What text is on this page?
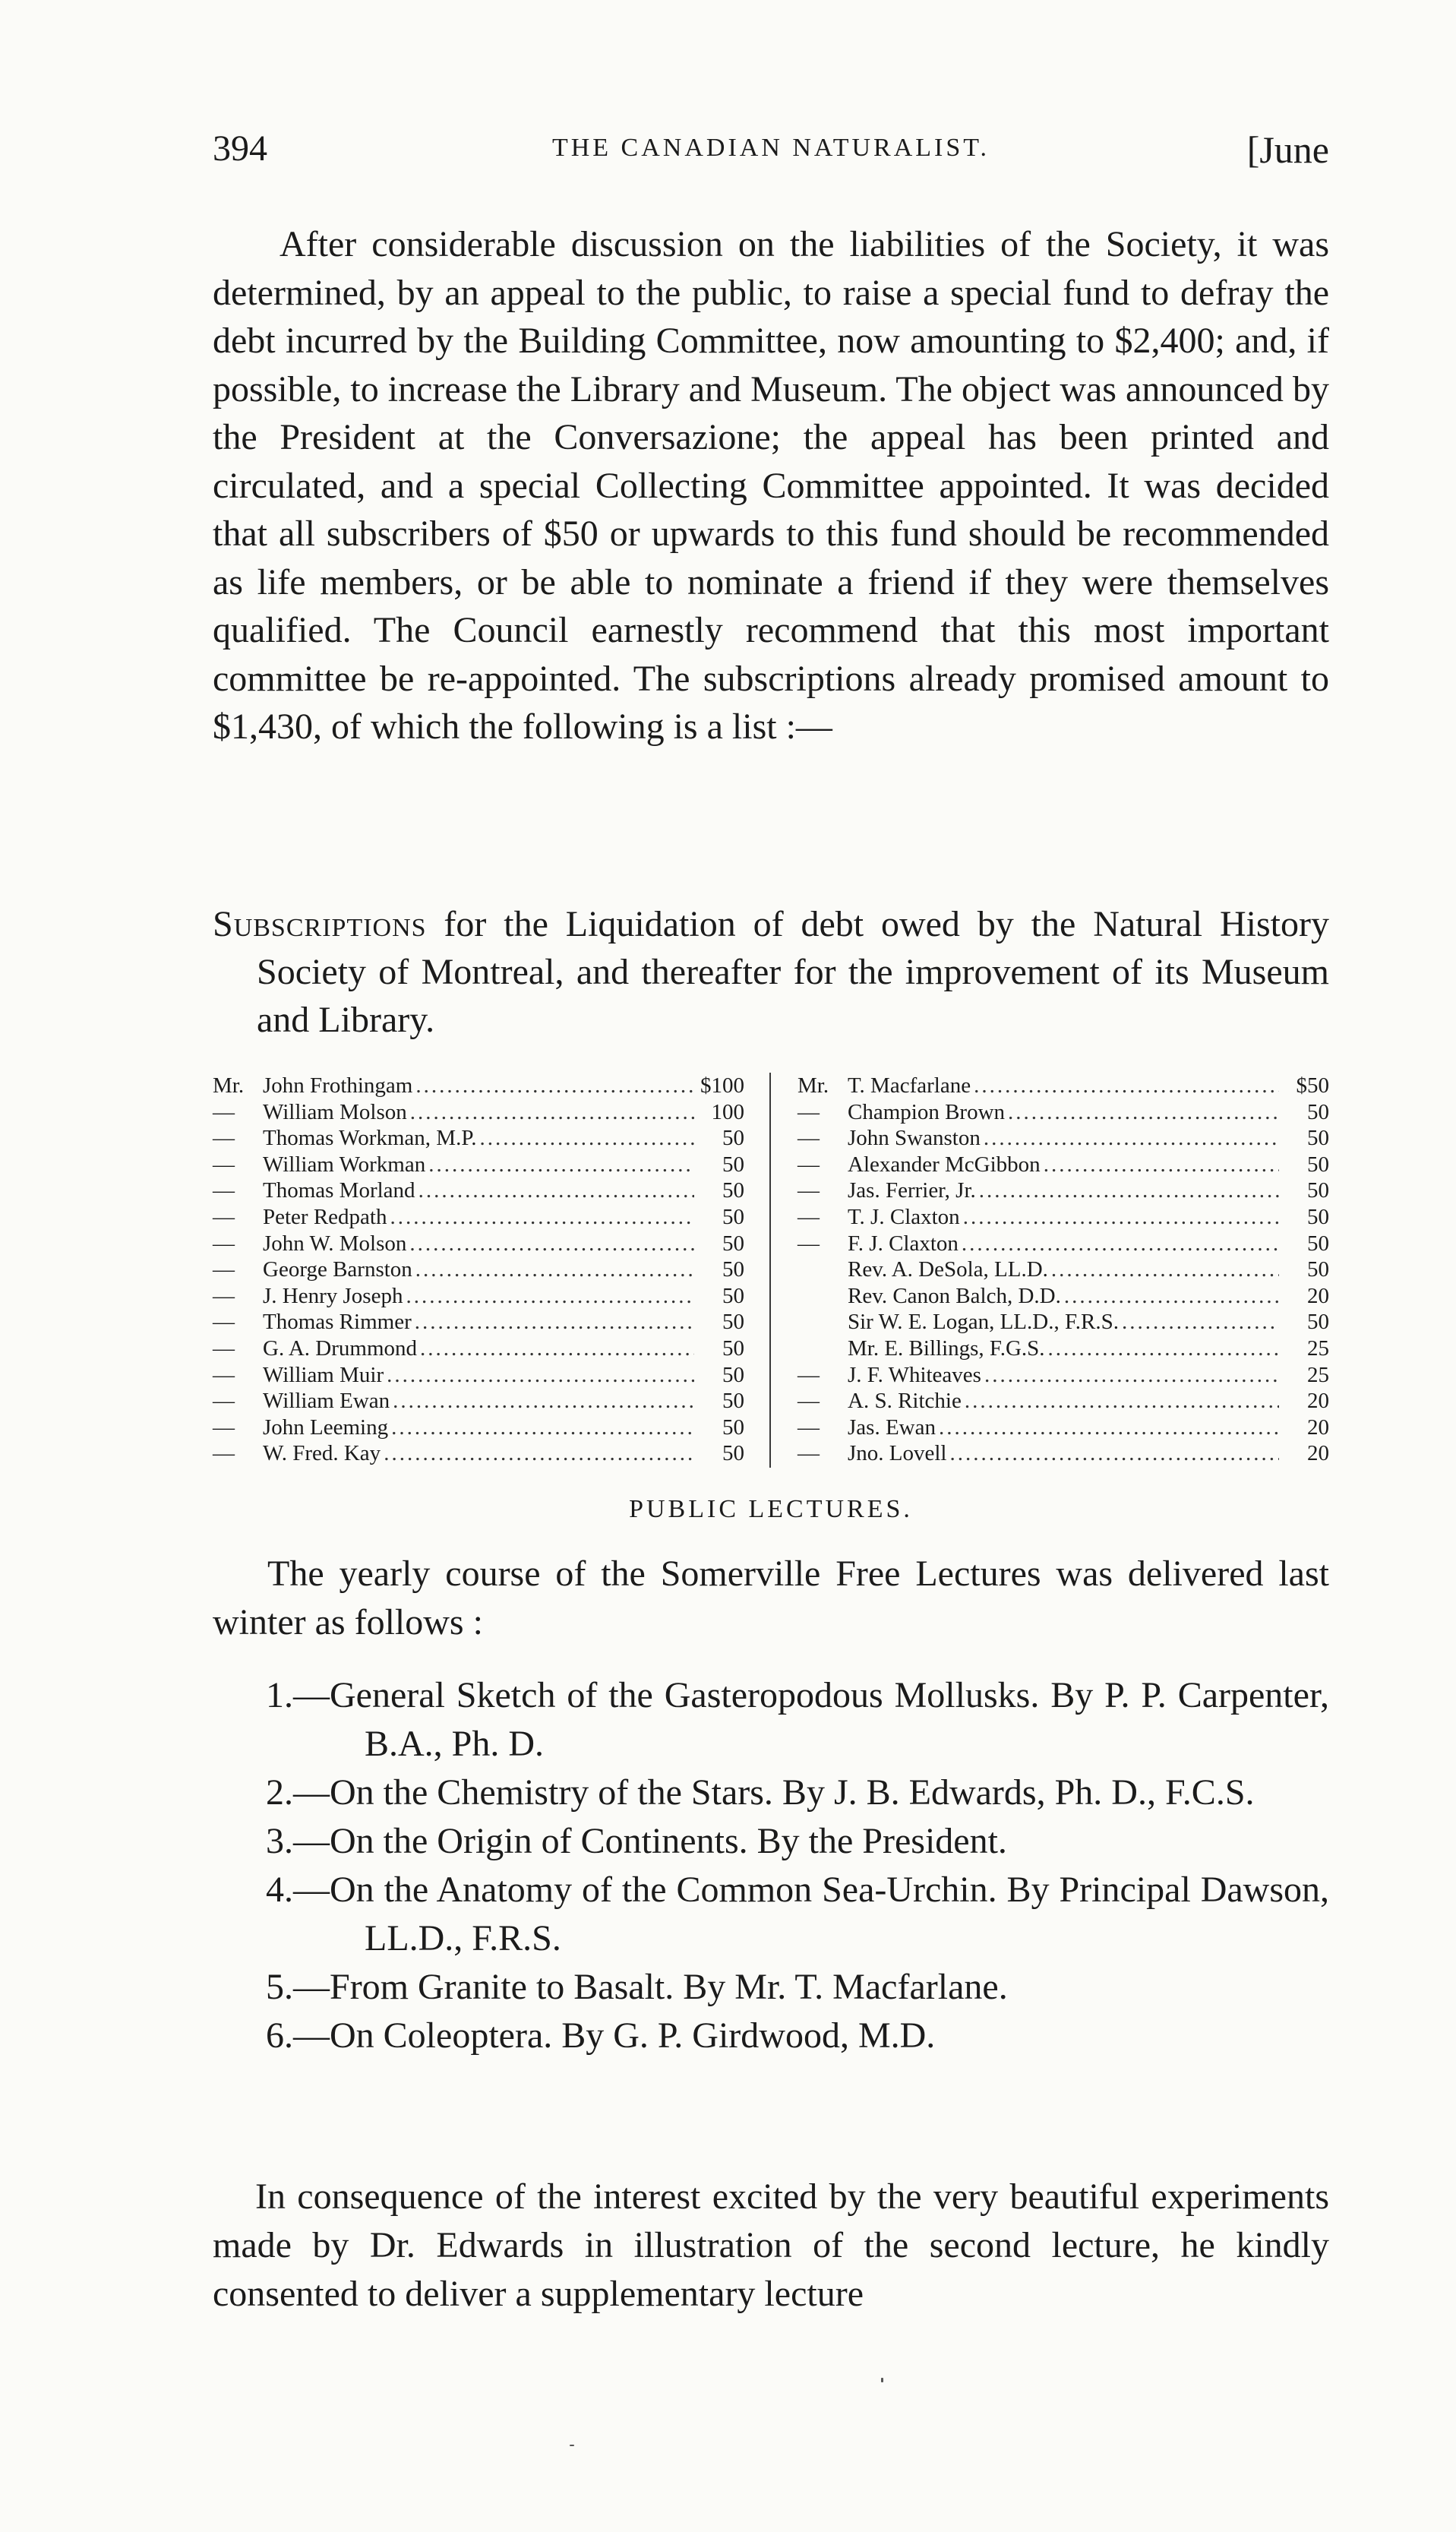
394	THE CANADIAN NATURALIST.	[June

After considerable discussion on the liabilities of the Society, it was determined, by an appeal to the public, to raise a special fund to defray the debt incurred by the Building Committee, now amounting to $2,400; and, if possible, to increase the Library and Museum. The object was announced by the President at the Conversazione; the appeal has been printed and circulated, and a special Collecting Committee appointed. It was decided that all subscribers of $50 or upwards to this fund should be recommended as life members, or be able to nominate a friend if they were themselves qualified. The Council earnestly recommend that this most important committee be re-appointed. The subscriptions already promised amount to $1,430, of which the following is a list :—

Subscriptions for the Liquidation of debt owed by the Natural History Society of Montreal, and thereafter for the improvement of its Museum and Library.

Mr. John Frothingam .....	$100
—	William Molson .....	100
—	Thomas Workman, M.P. .....	50
—	William Workman .....	50
—	Thomas Morland .....	50
—	Peter Redpath .....	50
—	John W. Molson .....	50
—	George Barnston .....	50
—	J. Henry Joseph .....	50
—	Thomas Rimmer .....	50
—	G. A. Drummond .....	50
—	William Muir .....	50
—	William Ewan .....	50
—	John Leeming .....	50
—	W. Fred. Kay .....	50
Mr. T. Macfarlane .....	$50
—	Champion Brown .....	50
—	John Swanston .....	50
—	Alexander McGibbon .....	50
—	Jas. Ferrier, Jr. .....	50
—	T. J. Claxton .....	50
—	F. J. Claxton .....	50
Rev. A. DeSola, LL.D. .....	50
Rev. Canon Balch, D.D. .....	20
Sir W. E. Logan, LL.D., F.R.S. .....	50
Mr. E. Billings, F.G.S. .....	25
—	J. F. Whiteaves .....	25
—	A. S. Ritchie .....	20
—	Jas. Ewan .....	20
—	Jno. Lovell .....	20

PUBLIC LECTURES.

The yearly course of the Somerville Free Lectures was delivered last winter as follows :

1.—General Sketch of the Gasteropodous Mollusks. By P. P. Carpenter, B.A., Ph. D.
2.—On the Chemistry of the Stars. By J. B. Edwards, Ph. D., F.C.S.
3.—On the Origin of Continents. By the President.
4.—On the Anatomy of the Common Sea-Urchin. By Principal Dawson, LL.D., F.R.S.
5.—From Granite to Basalt. By Mr. T. Macfarlane.
6.—On Coleoptera. By G. P. Girdwood, M.D.

In consequence of the interest excited by the very beautiful experiments made by Dr. Edwards in illustration of the second lecture, he kindly consented to deliver a supplementary lecture
